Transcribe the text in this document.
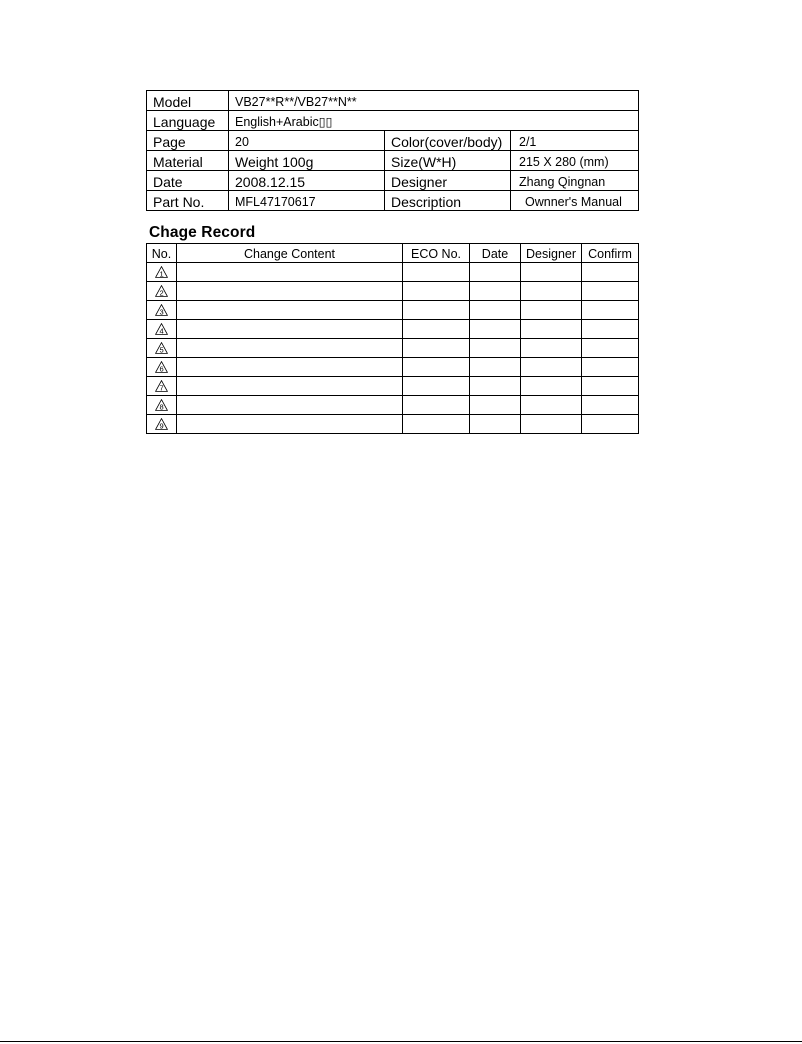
Model	VB27**R**/VB27**N**		
Language	English+Arabic▯▯		
Page	20	Color(cover/body)	2/1
Material	Weight 100g	Size(W*H)	215 X 280 (mm)
Date	2008.12.15	Designer	Zhang Qingnan
Part No.	MFL47170617	Description	Ownner's Manual
Chage Record
No.	Change Content	ECO No.	Date	Designer	Confirm

1					

2					

3					

4					

5					

6					

7					

8					

9					
